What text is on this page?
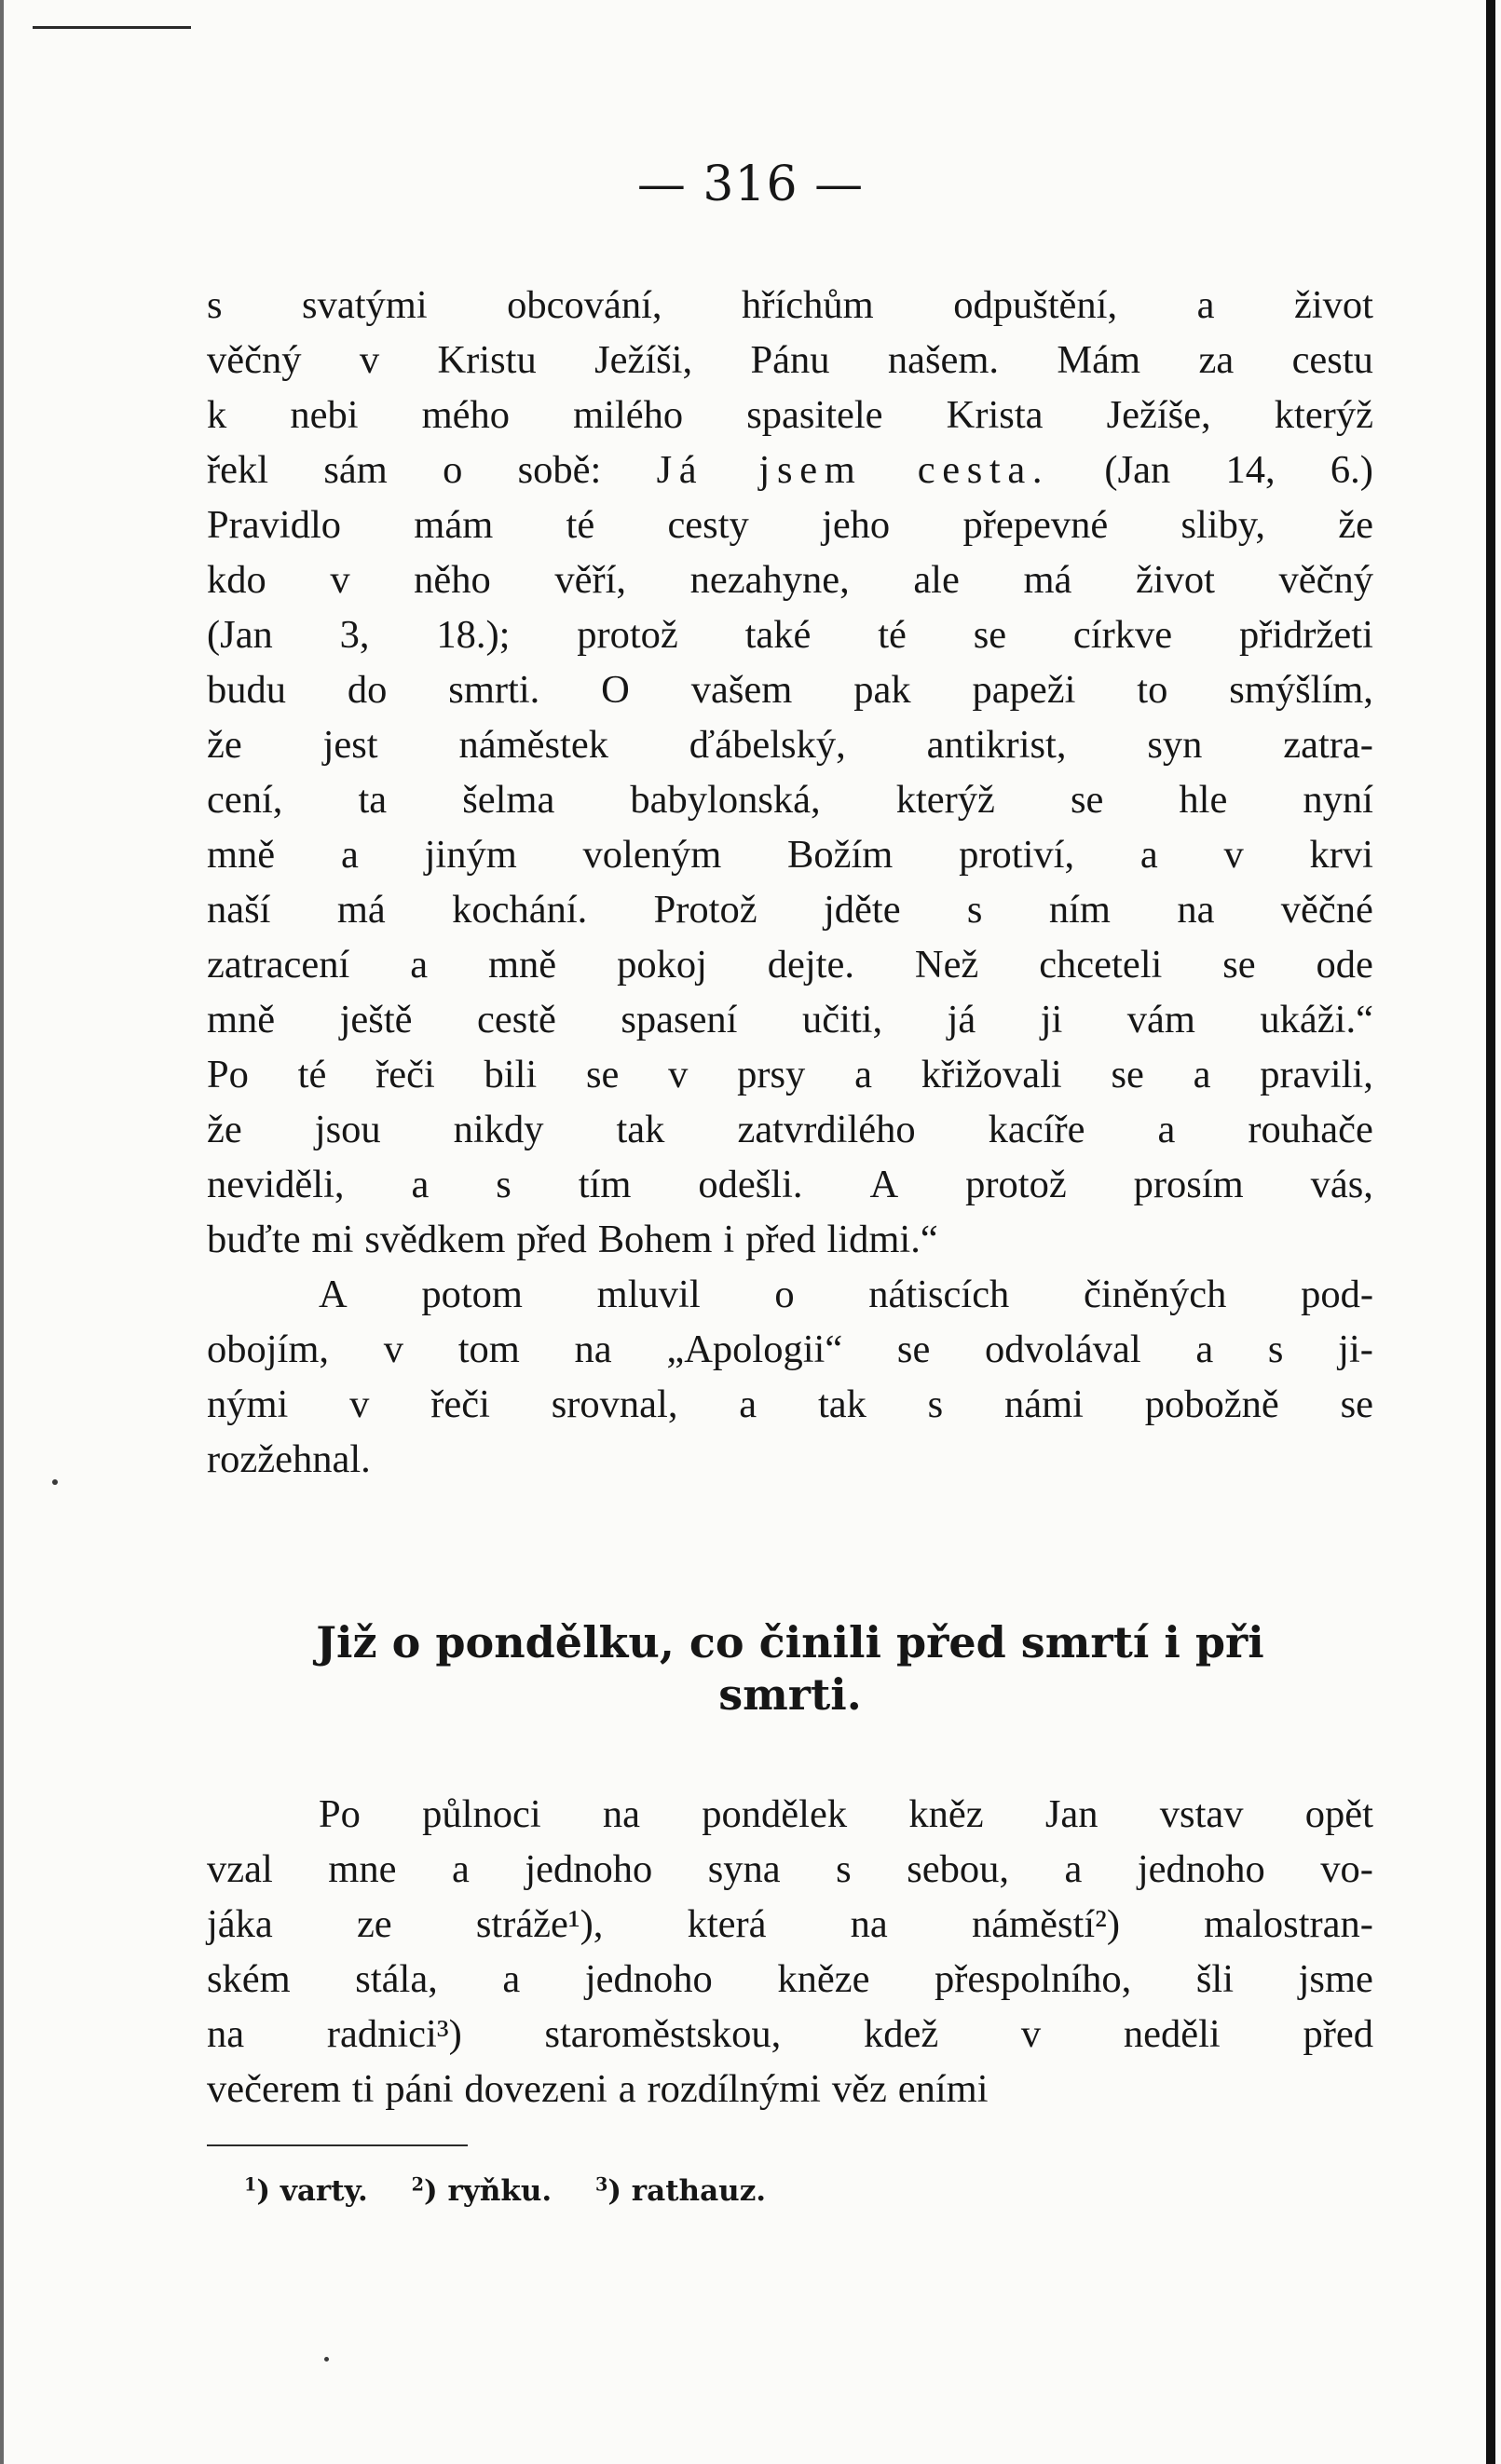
— 316 —
s svatými obcování, hříchům odpuštění, a život
věčný v Kristu Ježíši, Pánu našem. Mám za cestu
k nebi mého milého spasitele Krista Ježíše, kterýž
řekl sám o sobě: Já jsem cesta. (Jan 14, 6.)
Pravidlo mám té cesty jeho přepevné sliby, že
kdo v něho věří, nezahyne, ale má život věčný
(Jan 3, 18.); protož také té se církve přidržeti
budu do smrti. O vašem pak papeži to smýšlím,
že jest náměstek ďábelský, antikrist, syn zatra-
cení, ta šelma babylonská, kterýž se hle nyní
mně a jiným voleným Božím protiví, a v krvi
naší má kochání. Protož jděte s ním na věčné
zatracení a mně pokoj dejte. Než chceteli se ode
mně ještě cestě spasení učiti, já ji vám ukáži.“
Po té řeči bili se v prsy a křižovali se a pravili,
že jsou nikdy tak zatvrdilého kacíře a rouhače
neviděli, a s tím odešli. A protož prosím vás,
buďte mi svědkem před Bohem i před lidmi.“
A potom mluvil o nátiscích činěných pod-
obojím, v tom na „Apologii“ se odvolával a s ji-
nými v řeči srovnal, a tak s námi pobožně se
rozžehnal.
Již o pondělku, co činili před smrtí i při
smrti.
Po půlnoci na pondělek kněz Jan vstav opět
vzal mne a jednoho syna s sebou, a jednoho vo-
jáka ze stráže¹), která na náměstí²) malostran-
ském stála, a jednoho kněze přespolního, šli jsme
na radnici³) staroměstskou, kdež v neděli před
večerem ti páni dovezeni a rozdílnými věz eními
$^1$) varty. $^2$) ryňku. $^3$) rathauz.
